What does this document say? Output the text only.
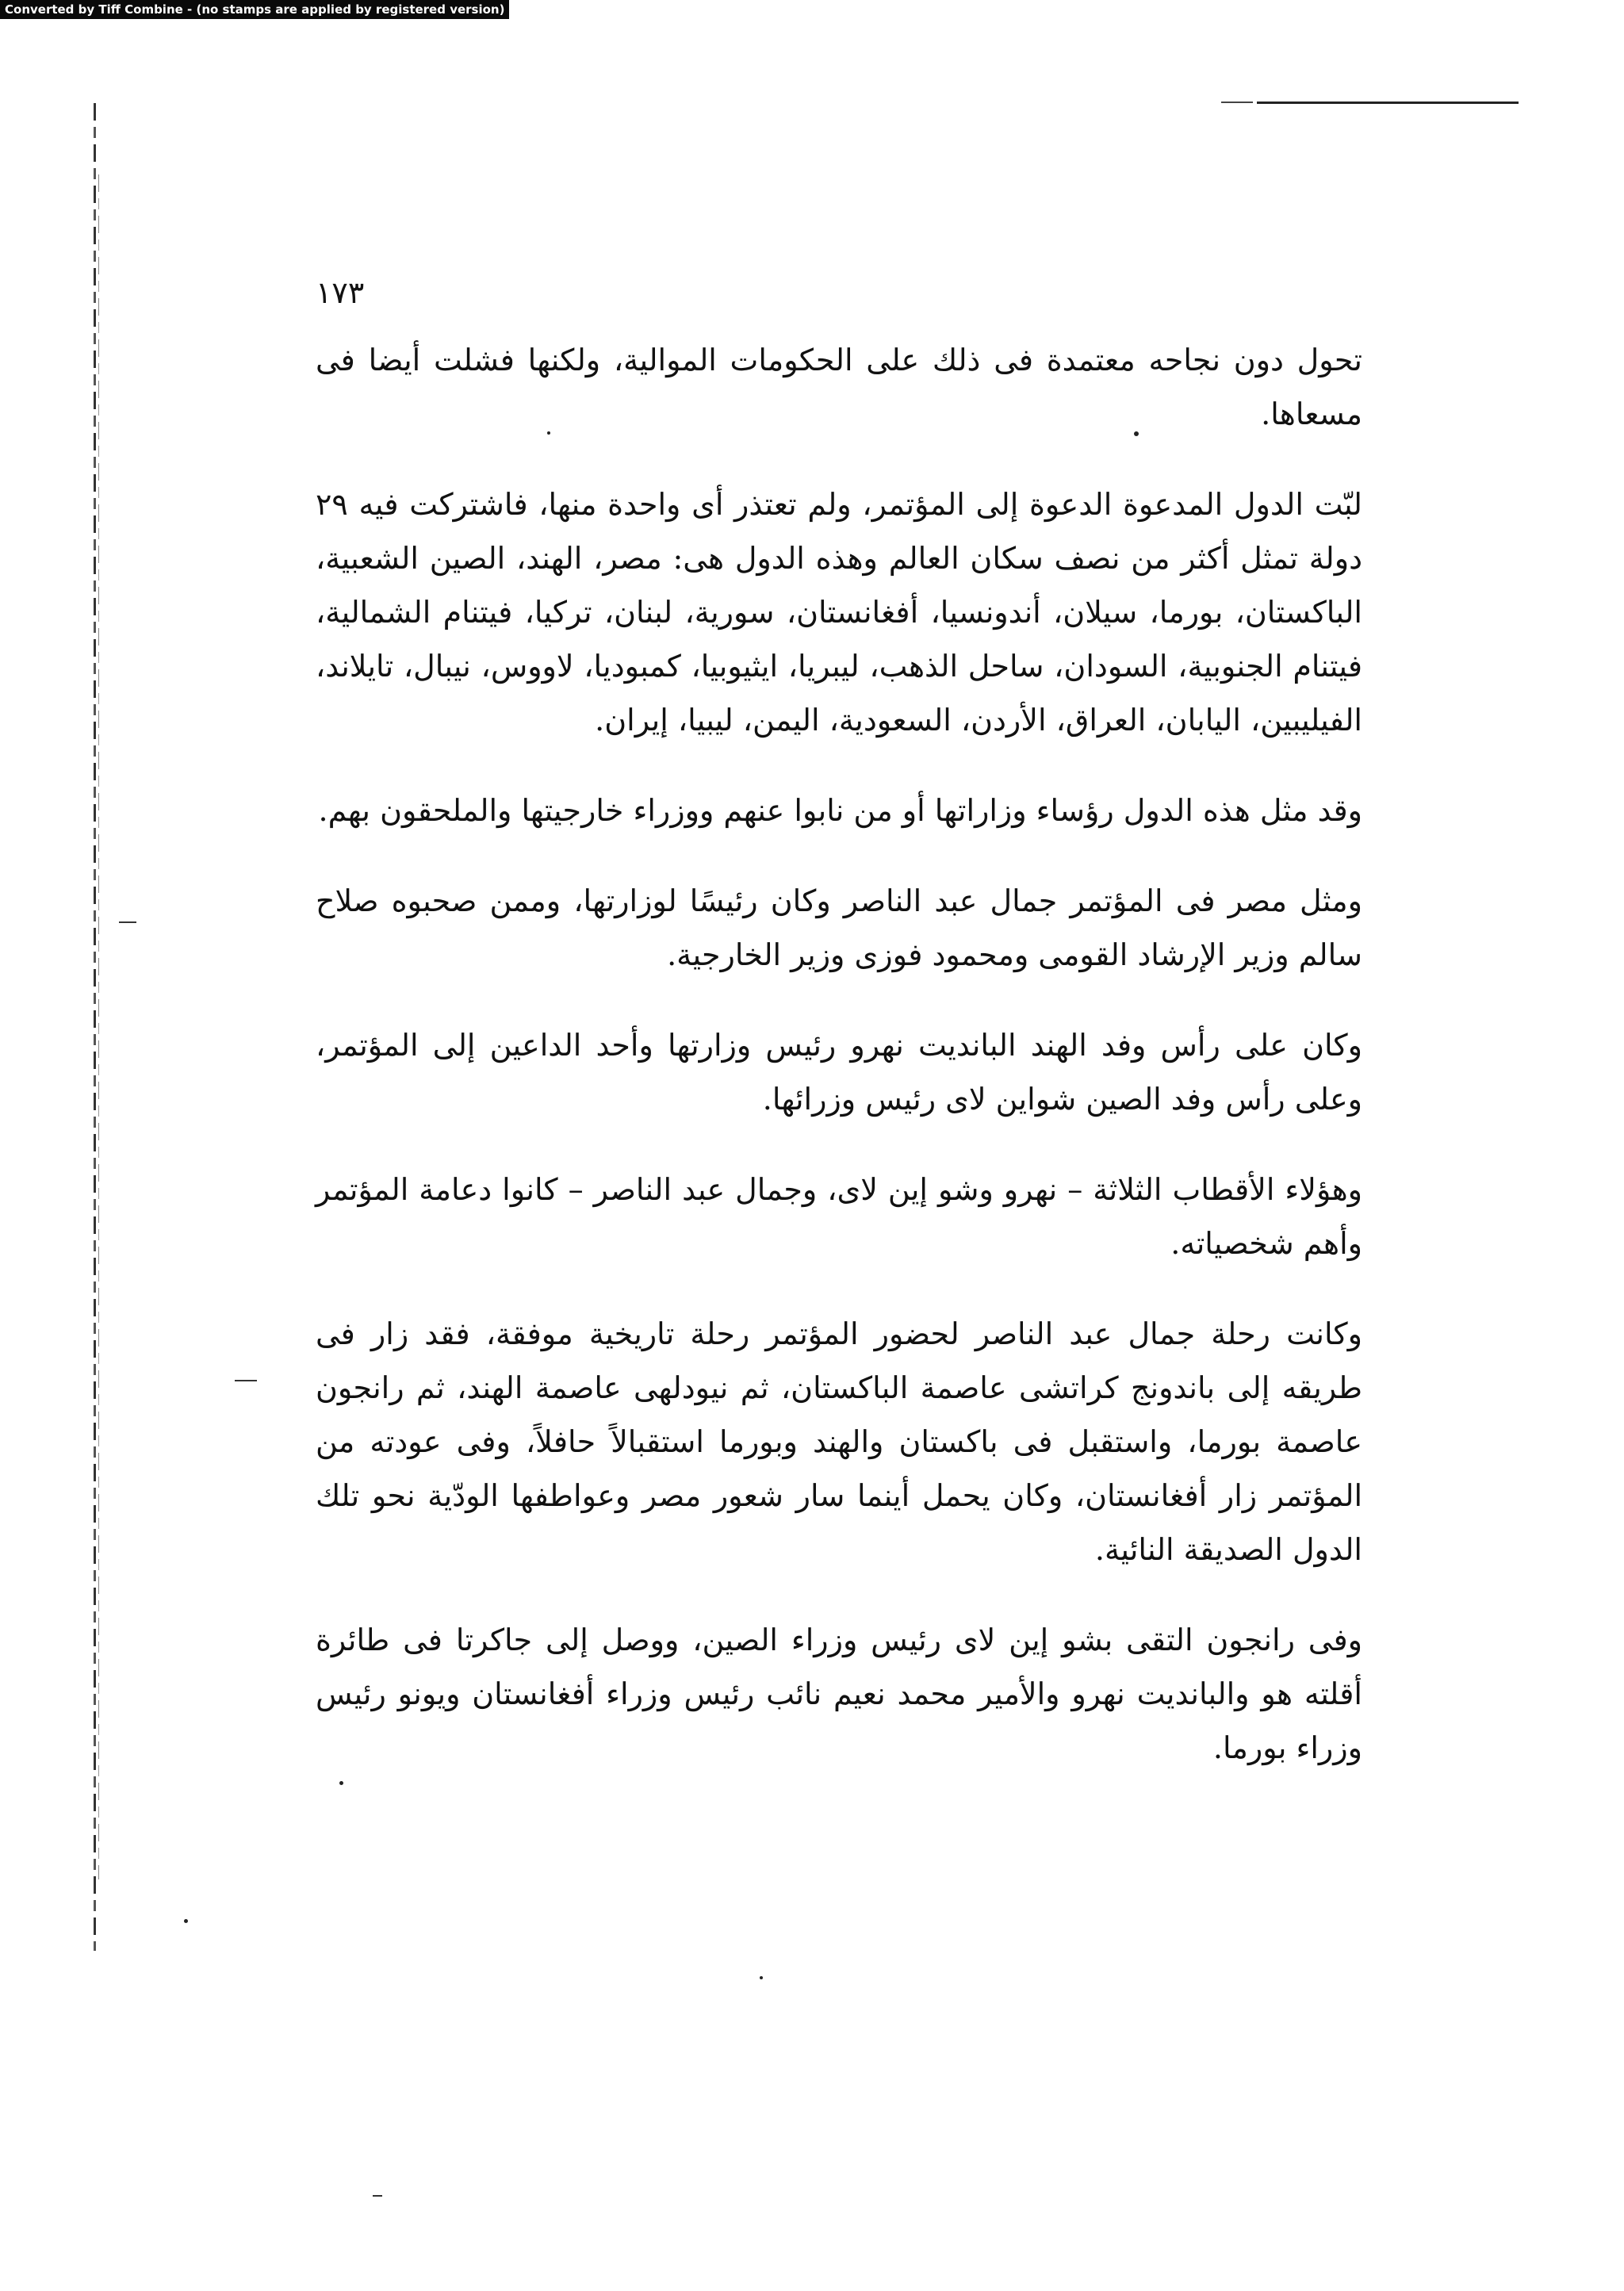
Converted by Tiff Combine - (no stamps are applied by registered version)
١٧٣

تحول دون نجاحه معتمدة فى ذلك على الحكومات الموالية، ولكنها فشلت أيضا فى مسعاها.

لبّت الدول المدعوة الدعوة إلى المؤتمر، ولم تعتذر أى واحدة منها، فاشتركت فيه ٢٩ دولة تمثل أكثر من نصف سكان العالم وهذه الدول هى: مصر، الهند، الصين الشعبية، الباكستان، بورما، سيلان، أندونسيا، أفغانستان، سورية، لبنان، تركيا، فيتنام الشمالية، فيتنام الجنوبية، السودان، ساحل الذهب، ليبريا، ايثيوبيا، كمبوديا، لاووس، نيبال، تايلاند، الفيليبين، اليابان، العراق، الأردن، السعودية، اليمن، ليبيا، إيران.

وقد مثل هذه الدول رؤساء وزاراتها أو من نابوا عنهم ووزراء خارجيتها والملحقون بهم.

ومثل مصر فى المؤتمر جمال عبد الناصر وكان رئيسًا لوزارتها، وممن صحبوه صلاح سالم وزير الإرشاد القومى ومحمود فوزى وزير الخارجية.

وكان على رأس وفد الهند البانديت نهرو رئيس وزارتها وأحد الداعين إلى المؤتمر، وعلى رأس وفد الصين شواين لاى رئيس وزرائها.

وهؤلاء الأقطاب الثلاثة – نهرو وشو إين لاى، وجمال عبد الناصر – كانوا دعامة المؤتمر وأهم شخصياته.

وكانت رحلة جمال عبد الناصر لحضور المؤتمر رحلة تاريخية موفقة، فقد زار فى طريقه إلى باندونج كراتشى عاصمة الباكستان، ثم نيودلهى عاصمة الهند، ثم رانجون عاصمة بورما، واستقبل فى باكستان والهند وبورما استقبالاً حافلاً، وفى عودته من المؤتمر زار أفغانستان، وكان يحمل أينما سار شعور مصر وعواطفها الودّية نحو تلك الدول الصديقة النائية.

وفى رانجون التقى بشو إين لاى رئيس وزراء الصين، ووصل إلى جاكرتا فى طائرة أقلته هو والبانديت نهرو والأمير محمد نعيم نائب رئيس وزراء أفغانستان ويونو رئيس وزراء بورما.
